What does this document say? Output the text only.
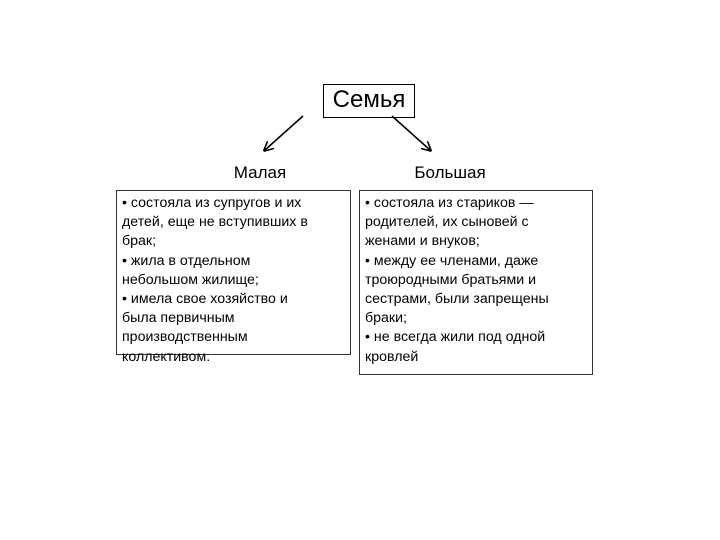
Семья
Малая	Большая
• состояла из супругов и их
детей, еще не вступивших в
брак;
• жила в отдельном
небольшом жилище;
• имела свое хозяйство и
была первичным
производственным
коллективом.
• состояла из стариков —
родителей, их сыновей с
женами и внуков;
• между ее членами, даже
троюродными братьями и
сестрами, были запрещены
браки;
• не всегда жили под одной
кровлей
